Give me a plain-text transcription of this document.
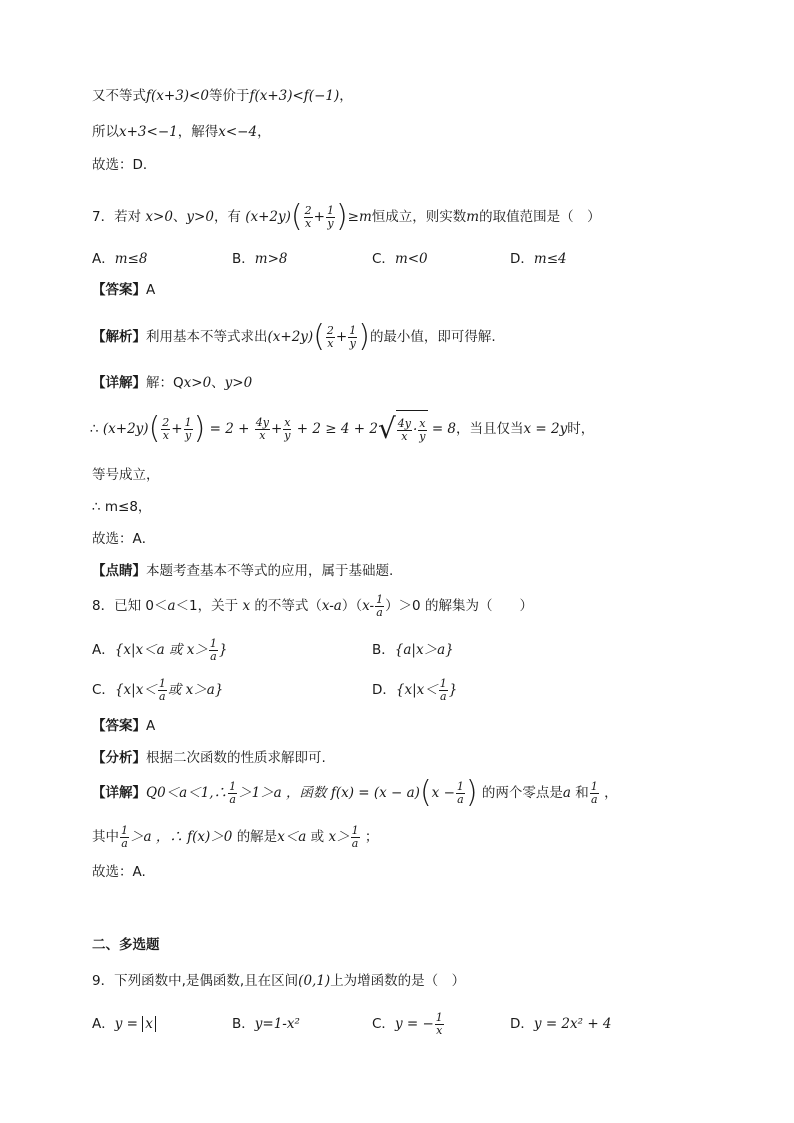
又不等式f(x+3)<0等价于f(x+3)<f(−1)，
所以x+3<−1，解得x<−4，
故选：D．
7．若对 x>0、y>0，有 $(x+2y)( \frac{2}{x} + \frac{1}{y} )\ge m$恒成立，则实数m的取值范围是（　）
A．m≤8	B．m>8	C．m<0	D．m≤4
【答案】A
【解析】利用基本不等式求出$(x+2y)( \frac{2}{x} + \frac{1}{y}$ )的最小值，即可得解.
【详解】解：Qx>0、y>0
∴ $(x+2y)( \frac{2}{x} + \frac{1}{y}$ ) = $2 + \frac{4y}{x} + \frac{x}{y} + 2 \ge 4 + 2√ \frac{4y}{x} \cdot \frac{x}{y} = 8$，当且仅当x = 2y时，
等号成立，
∴ m≤8，
故选：A．
【点睛】本题考查基本不等式的应用，属于基础题.
8．已知 0＜a＜1，关于 x 的不等式$(x-a)(x- \frac{1}{a} )>0$ 的解集为（　　）
A．{x|x＜a 或 $x> \frac{1}{a}$ }	B．{a|x＞a}
C．{$x|x< \frac{1}{a}$ 或 x＞a}	D．{$x|x< \frac{1}{a}$ }
【答案】A
【分析】根据二次函数的性质求解即可.
【详解】Q0＜a＜1,∴ $\frac{1}{a} >1>a$ ，函数 $f(x) = (x - a)(x - \frac{1}{a}$ ) 的两个零点是a 和 $\frac{1}{a}$ ，
其中 $\frac{1}{a} >a$ ，∴ f(x)＞0 的解是x＜a 或 $x> \frac{1}{a}$ ；
故选：A.
二、多选题
9．下列函数中,是偶函数,且在区间(0,1)上为增函数的是（　）
A．y = x	B．y=1-x²	C．y = − $\frac{1}{x}$	D．y = 2x² + 4
